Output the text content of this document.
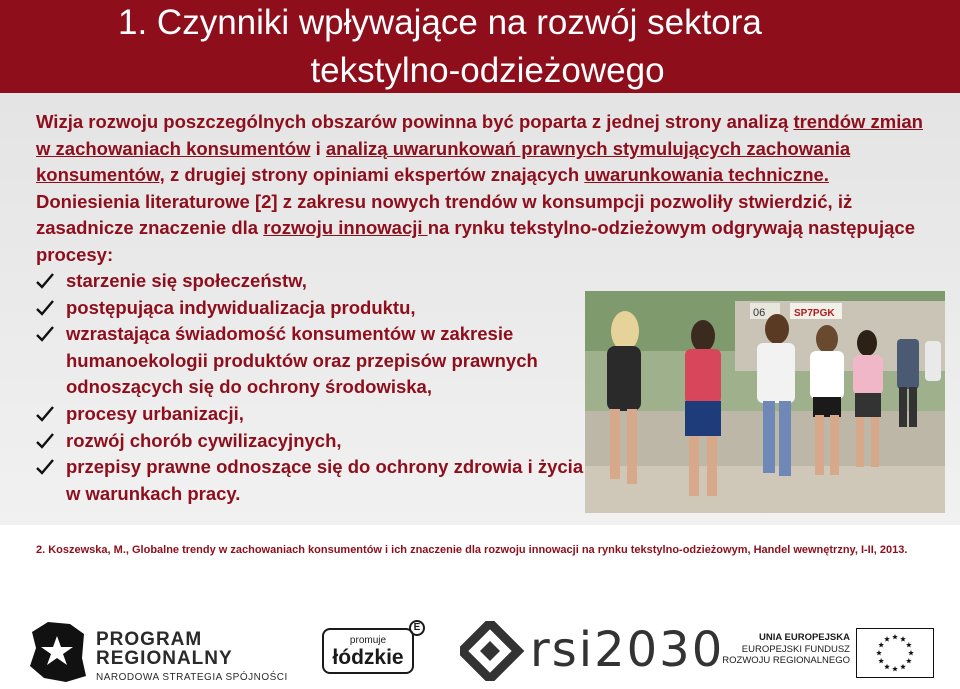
1. Czynniki wpływające na rozwój sektora
tekstylno-odzieżowego
Wizja rozwoju poszczególnych obszarów powinna być poparta z jednej strony analizą trendów zmian w zachowaniach konsumentów i analizą uwarunkowań prawnych stymulujących zachowania konsumentów, z drugiej strony opiniami ekspertów znających uwarunkowania techniczne. Doniesienia literaturowe [2] z zakresu nowych trendów w konsumpcji pozwoliły stwierdzić, iż zasadnicze znaczenie dla rozwoju innowacji na rynku tekstylno-odzieżowym odgrywają następujące procesy:
starzenie się społeczeństw,
postępująca indywidualizacja produktu,
wzrastająca świadomość konsumentów w zakresie humanoekologii produktów oraz przepisów prawnych odnoszących się do ochrony środowiska,
procesy urbanizacji,
rozwój chorób cywilizacyjnych,
przepisy prawne odnoszące się do ochrony zdrowia i życia w warunkach pracy.
06	SP7PGK

2. Koszewska, M., Globalne trendy w zachowaniach konsumentów i ich znaczenie dla rozwoju innowacji na rynku tekstylno-odzieżowym, Handel wewnętrzny, I-II, 2013.

PROGRAM
REGIONALNY
NARODOWA STRATEGIA SPÓJNOŚCI
promuje
łódzkie
E rsi2030	UNIA EUROPEJSKA
EUROPEJSKI FUNDUSZ
ROZWOJU REGIONALNEGO
